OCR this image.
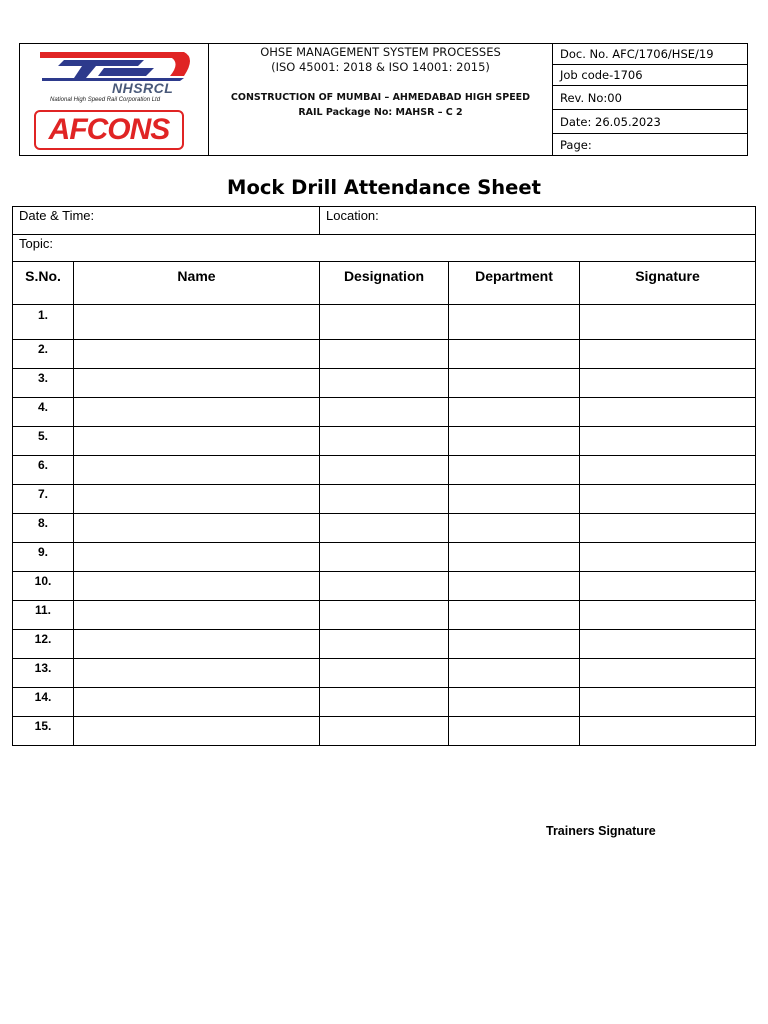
NHSRCL
National High Speed Rail Corporation Ltd
AFCONS
OHSE MANAGEMENT SYSTEM PROCESSES
(ISO 45001: 2018 & ISO 14001: 2015)
CONSTRUCTION OF MUMBAI – AHMEDABAD HIGH SPEED
RAIL Package No: MAHSR – C 2
Doc. No. AFC/1706/HSE/19
Job code-1706
Rev. No:00
Date: 26.05.2023
Page:
Mock Drill Attendance Sheet
Date & Time:	Location:
Topic:
S.No.	Name	Designation	Department	Signature
1.				
2.				
3.				
4.				
5.				
6.				
7.				
8.				
9.				
10.				
11.				
12.				
13.				
14.				
15.				
Trainers Signature
